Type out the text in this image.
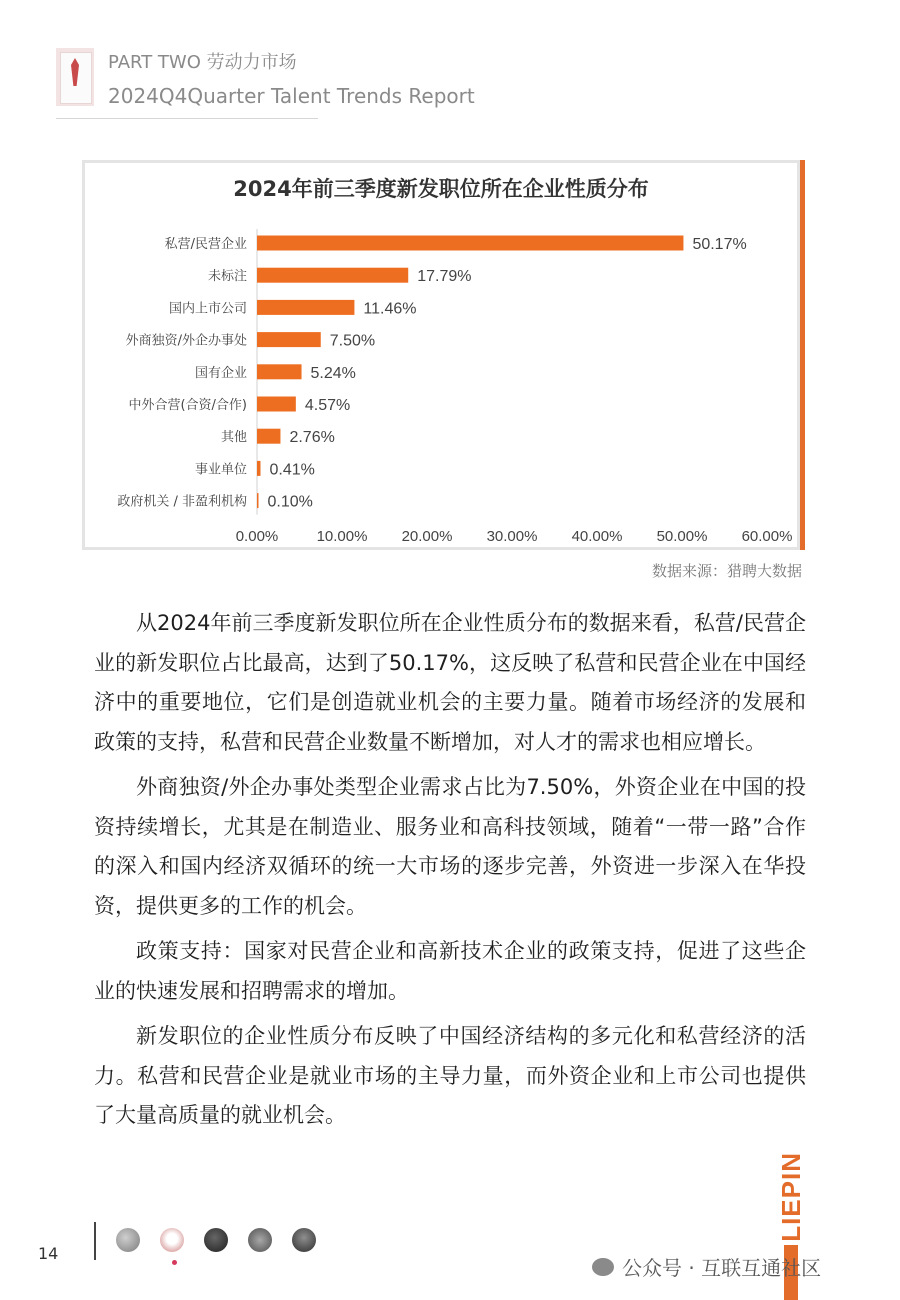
PART TWO 劳动力市场
2024Q4Quarter Talent Trends Report
2024年前三季度新发职位所在企业性质分布
私营/民营企业	50.17%
未标注	17.79%
国内上市公司	11.46%
外商独资/外企办事处	7.50%
国有企业	5.24%
中外合营(合资/合作)	4.57%
其他	2.76%
事业单位 0.41%
政府机关 / 非盈利机构 0.10%
0.00%	10.00% 20.00% 30.00% 40.00% 50.00% 60.00%
数据来源：猎聘大数据

从2024年前三季度新发职位所在企业性质分布的数据来看，私营/民营企业的新发职位占比最高，达到了50.17%，这反映了私营和民营企业在中国经济中的重要地位，它们是创造就业机会的主要力量。随着市场经济的发展和政策的支持，私营和民营企业数量不断增加，对人才的需求也相应增长。

外商独资/外企办事处类型企业需求占比为7.50%，外资企业在中国的投资持续增长，尤其是在制造业、服务业和高科技领域，随着“一带一路”合作的深入和国内经济双循环的统一大市场的逐步完善，外资进一步深入在华投资，提供更多的工作的机会。

政策支持：国家对民营企业和高新技术企业的政策支持，促进了这些企业的快速发展和招聘需求的增加。

新发职位的企业性质分布反映了中国经济结构的多元化和私营经济的活力。私营和民营企业是就业市场的主导力量，而外资企业和上市公司也提供了大量高质量的就业机会。

14
LIEPIN
公众号 · 互联互通社区
